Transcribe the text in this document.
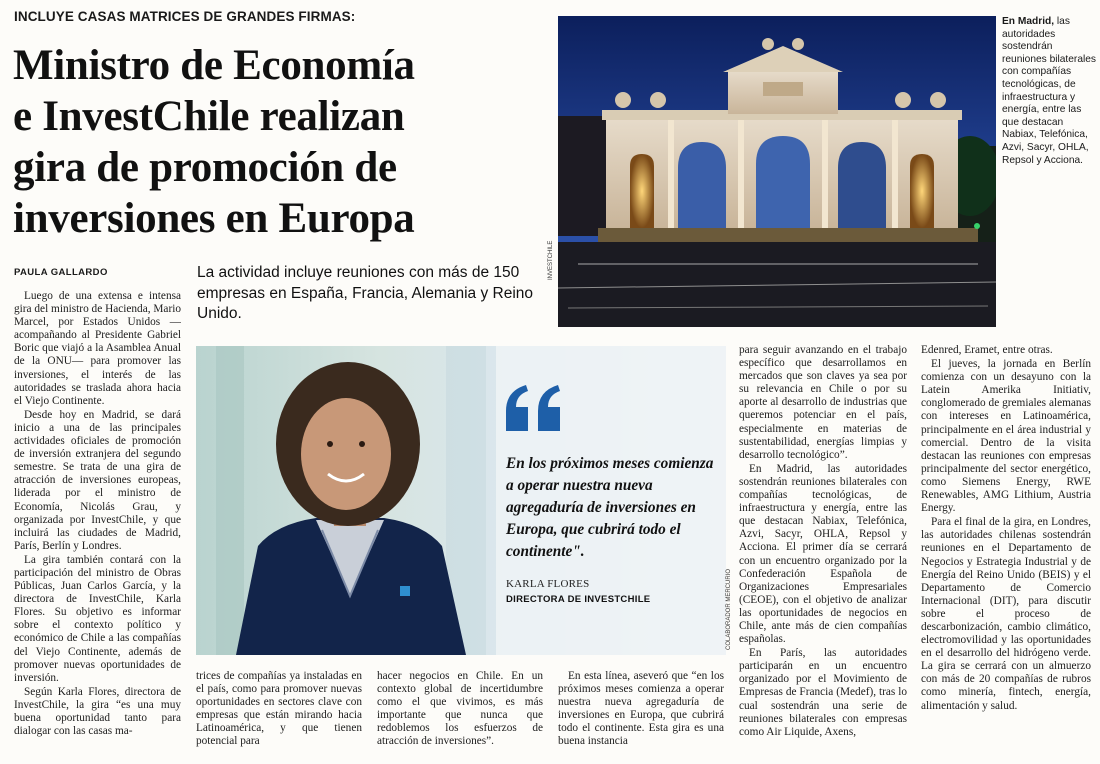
INCLUYE CASAS MATRICES DE GRANDES FIRMAS:
Ministro de Economía
e InvestChile realizan
gira de promoción de
inversiones en Europa
PAULA GALLARDO	La actividad incluye reuniones con más de 150 empresas en España, Francia, Alemania y Reino Unido.

Luego de una extensa e intensa gira del ministro de Hacienda, Mario Marcel, por Estados Unidos —acompañando al Presidente Gabriel Boric que viajó a la Asamblea Anual de la ONU— para promover las inversiones, el interés de las autoridades se traslada ahora hacia el Viejo Continente.

Desde hoy en Madrid, se dará inicio a una de las principales actividades oficiales de promoción de inversión extranjera del segundo semestre. Se trata de una gira de atracción de inversiones europeas, liderada por el ministro de Economía, Nicolás Grau, y organizada por InvestChile, y que incluirá las ciudades de Madrid, París, Berlín y Londres.

La gira también contará con la participación del ministro de Obras Públicas, Juan Carlos García, y la directora de InvestChile, Karla Flores. Su objetivo es informar sobre el contexto político y económico de Chile a las compañías del Viejo Continente, además de promover nuevas oportunidades de inversión.

Según Karla Flores, directora de InvestChile, la gira “es una muy buena oportunidad tanto para dialogar con las casas ma-

INVESTCHILE
En Madrid, las autoridades sostendrán reuniones bilaterales con compañías tecnológicas, de infraestructura y energía, entre las que destacan Nabiax, Telefónica, Azvi, Sacyr, OHLA, Repsol y Acciona.
En los próximos meses comienza a operar nuestra nueva agregaduría de inversiones en Europa, que cubrirá todo el continente".
KARLA FLORES
DIRECTORA DE INVESTCHILE	COLABORADOR MERCURIO

trices de compañías ya instaladas en el país, como para promover nuevas oportunidades en sectores clave con empresas que están mirando hacia Latinoamérica, y que tienen potencial para

hacer negocios en Chile. En un contexto global de incertidumbre como el que vivimos, es más importante que nunca que redoblemos los esfuerzos de atracción de inversiones”.

En esta línea, aseveró que “en los próximos meses comienza a operar nuestra nueva agregaduría de inversiones en Europa, que cubrirá todo el continente. Esta gira es una buena instancia

para seguir avanzando en el trabajo específico que desarrollamos en mercados que son claves ya sea por su relevancia en Chile o por su aporte al desarrollo de industrias que queremos potenciar en el país, especialmente en materias de sustentabilidad, energías limpias y desarrollo tecnológico”.

En Madrid, las autoridades sostendrán reuniones bilaterales con compañías tecnológicas, de infraestructura y energía, entre las que destacan Nabiax, Telefónica, Azvi, Sacyr, OHLA, Repsol y Acciona. El primer día se cerrará con un encuentro organizado por la Confederación Española de Organizaciones Empresariales (CEOE), con el objetivo de analizar las oportunidades de negocios en Chile, ante más de cien compañías españolas.

En París, las autoridades participarán en un encuentro organizado por el Movimiento de Empresas de Francia (Medef), tras lo cual sostendrán una serie de reuniones bilaterales con empresas como Air Liquide, Axens,

Edenred, Eramet, entre otras.

El jueves, la jornada en Berlín comienza con un desayuno con la Latein Amerika Initiativ, conglomerado de gremiales alemanas con intereses en Latinoamérica, principalmente en el área industrial y comercial. Dentro de la visita destacan las reuniones con empresas principalmente del sector energético, como Siemens Energy, RWE Renewables, AMG Lithium, Austria Energy.

Para el final de la gira, en Londres, las autoridades chilenas sostendrán reuniones en el Departamento de Negocios y Estrategia Industrial y de Energía del Reino Unido (BEIS) y el Departamento de Comercio Internacional (DIT), para discutir sobre el proceso de descarbonización, cambio climático, electromovilidad y las oportunidades en el desarrollo del hidrógeno verde. La gira se cerrará con un almuerzo con más de 20 compañías de rubros como minería, fintech, energía, alimentación y salud.
